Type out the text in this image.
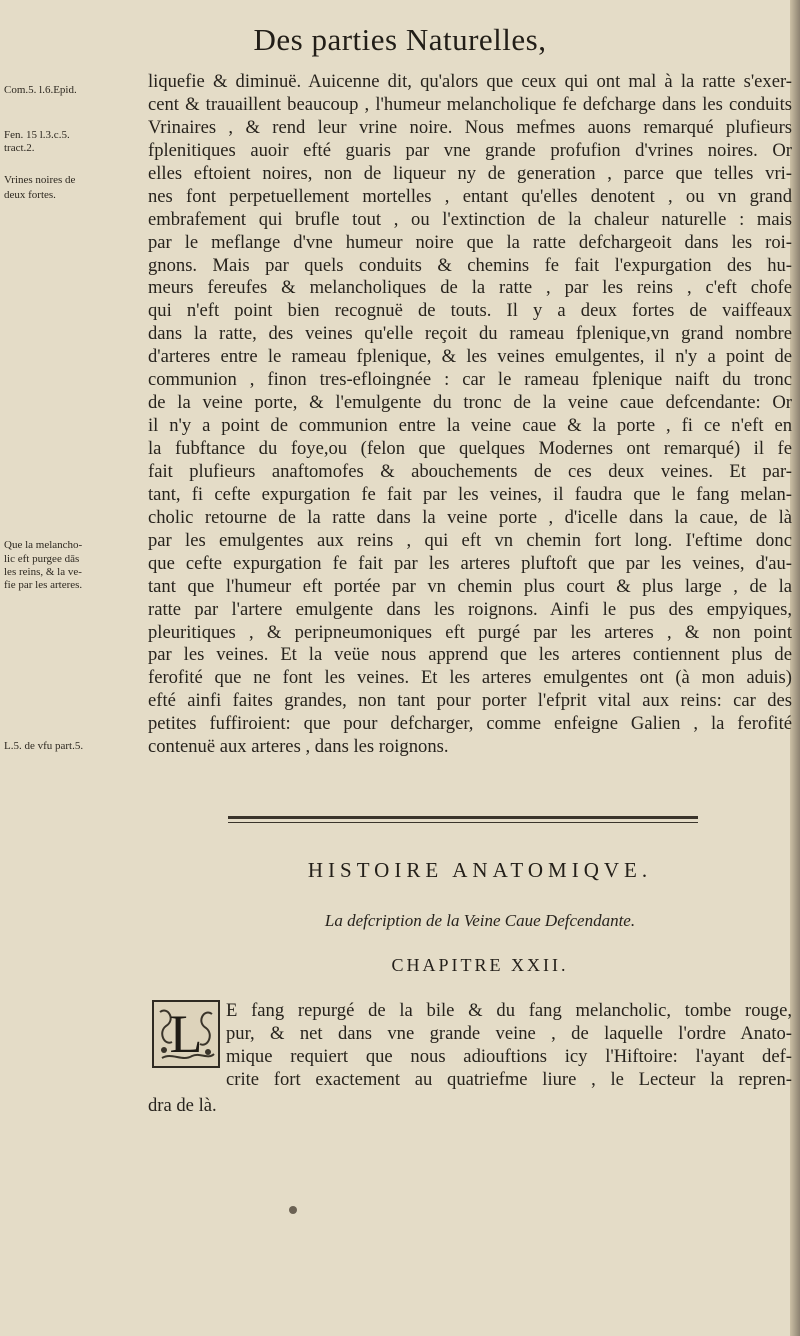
Des parties Naturelles,
Com.5. l.6.Epid.
Fen. 15 l.3.c.5.
tract.2.
Vrines noires de
deux fortes.
Que la melancho-
lic eft purgee dās
les reins, & la ve-
fie par les arteres.
L.5. de vfu part.5.
liquefie & diminuë. Auicenne dit, qu'alors que ceux qui ont mal à la ratte s'exer-
cent & trauaillent beaucoup , l'humeur melancholique fe defcharge dans les conduits
Vrinaires , & rend leur vrine noire. Nous mefmes auons remarqué plufieurs
fplenitiques auoir efté guaris par vne grande profufion d'vrines noires. Or
elles eftoient noires, non de liqueur ny de generation , parce que telles vri-
nes font perpetuellement mortelles , entant qu'elles denotent , ou vn grand
embrafement qui brufle tout , ou l'extinction de la chaleur naturelle : mais
par le meflange d'vne humeur noire que la ratte defchargeoit dans les roi-
gnons. Mais par quels conduits & chemins fe fait l'expurgation des hu-
meurs fereufes & melancholiques de la ratte , par les reins , c'eft chofe
qui n'eft point bien recognuë de touts. Il y a deux fortes de vaiffeaux
dans la ratte, des veines qu'elle reçoit du rameau fplenique,vn grand nombre
d'arteres entre le rameau fplenique, & les veines emulgentes, il n'y a point de
communion , finon tres-efloingnée : car le rameau fplenique naift du tronc
de la veine porte, & l'emulgente du tronc de la veine caue defcendante: Or
il n'y a point de communion entre la veine caue & la porte , fi ce n'eft en
la fubftance du foye,ou (felon que quelques Modernes ont remarqué) il fe
fait plufieurs anaftomofes & abouchements de ces deux veines. Et par-
tant, fi cefte expurgation fe fait par les veines, il faudra que le fang melan-
cholic retourne de la ratte dans la veine porte , d'icelle dans la caue, de là
par les emulgentes aux reins , qui eft vn chemin fort long. I'eftime donc
que cefte expurgation fe fait par les arteres pluftoft que par les veines, d'au-
tant que l'humeur eft portée par vn chemin plus court & plus large , de la
ratte par l'artere emulgente dans les roignons. Ainfi le pus des empyiques,
pleuritiques , & peripneumoniques eft purgé par les arteres , & non point
par les veines. Et la veüe nous apprend que les arteres contiennent plus de
ferofité que ne font les veines. Et les arteres emulgentes ont (à mon aduis)
efté ainfi faites grandes, non tant pour porter l'efprit vital aux reins: car des
petites fuffiroient: que pour defcharger, comme enfeigne Galien , la ferofité
contenuë aux arteres , dans les roignons.
HISTOIRE ANATOMIQVE.
La defcription de la Veine Caue Defcendante.
CHAPITRE XXII.
L	E fang repurgé de la bile & du fang melancholic, tombe rouge,
pur, & net dans vne grande veine , de laquelle l'ordre Anato-
mique requiert que nous adiouftions icy l'Hiftoire: l'ayant def-
crite fort exactement au quatriefme liure , le Lecteur la repren-
dra de là.
